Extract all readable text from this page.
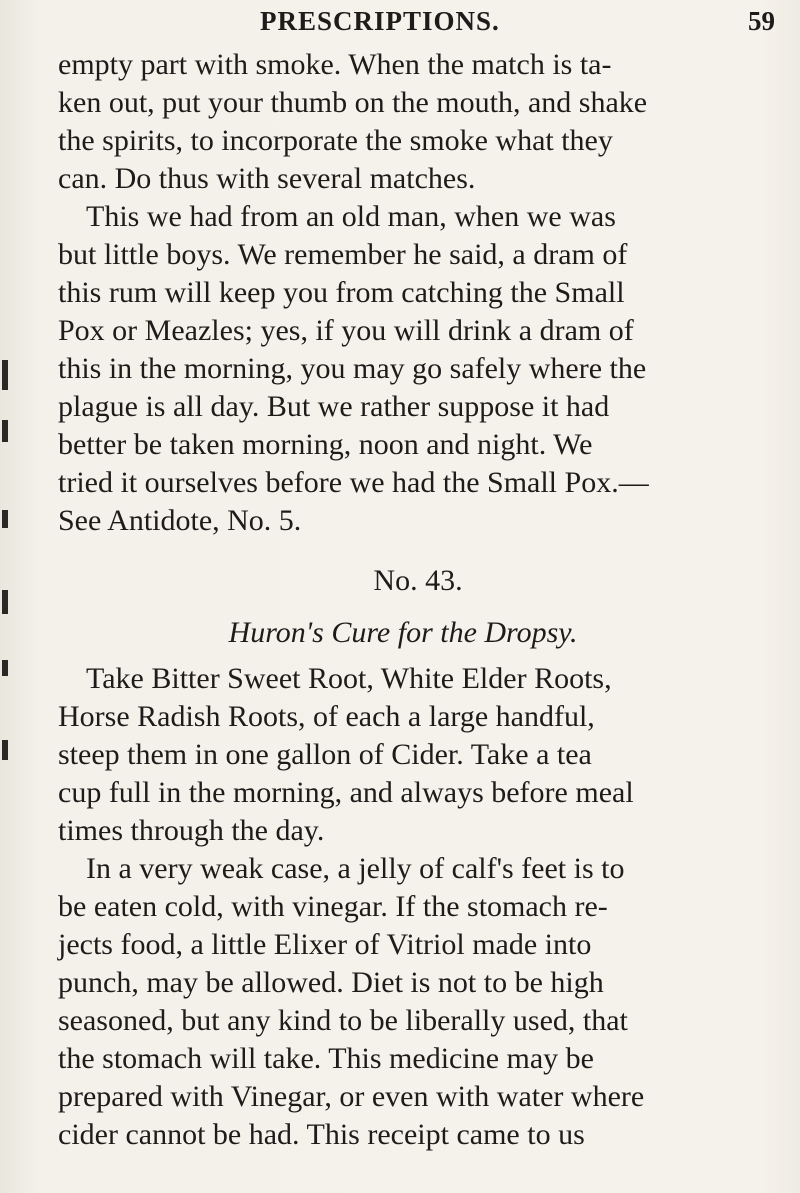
PRESCRIPTIONS.	59
empty part with smoke. When the match is ta-
ken out, put your thumb on the mouth, and shake
the spirits, to incorporate the smoke what they
can. Do thus with several matches.
This we had from an old man, when we was
but little boys. We remember he said, a dram of
this rum will keep you from catching the Small
Pox or Meazles; yes, if you will drink a dram of
this in the morning, you may go safely where the
plague is all day. But we rather suppose it had
better be taken morning, noon and night. We
tried it ourselves before we had the Small Pox.—
See Antidote, No. 5.
No. 43.
Huron's Cure for the Dropsy.
Take Bitter Sweet Root, White Elder Roots,
Horse Radish Roots, of each a large handful,
steep them in one gallon of Cider. Take a tea
cup full in the morning, and always before meal
times through the day.
In a very weak case, a jelly of calf's feet is to
be eaten cold, with vinegar. If the stomach re-
jects food, a little Elixer of Vitriol made into
punch, may be allowed. Diet is not to be high
seasoned, but any kind to be liberally used, that
the stomach will take. This medicine may be
prepared with Vinegar, or even with water where
cider cannot be had. This receipt came to us
